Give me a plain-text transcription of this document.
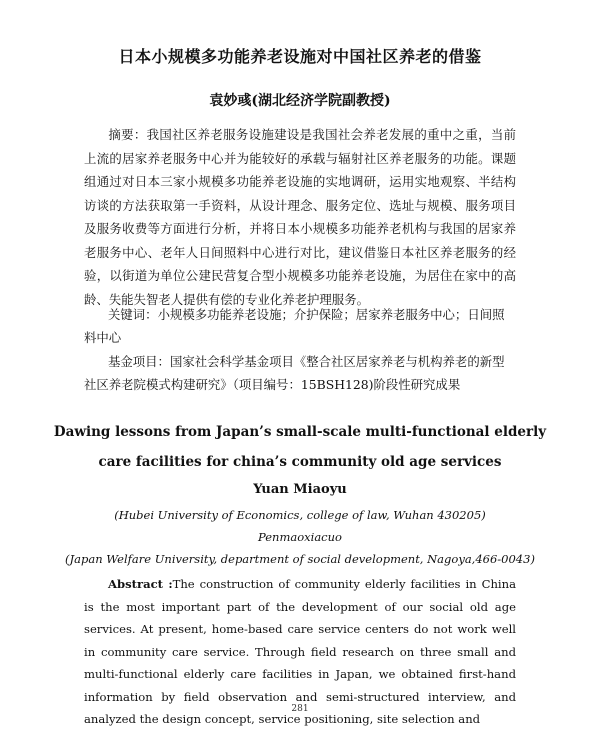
日本小规模多功能养老设施对中国社区养老的借鉴
袁妙彧(湖北经济学院副教授)
摘要：我国社区养老服务设施建设是我国社会养老发展的重中之重，当前上流的居家养老服务中心并为能较好的承载与辐射社区养老服务的功能。课题组通过对日本三家小规模多功能养老设施的实地调研，运用实地观察、半结构访谈的方法获取第一手资料，从设计理念、服务定位、选址与规模、服务项目及服务收费等方面进行分析，并将日本小规模多功能养老机构与我国的居家养老服务中心、老年人日间照料中心进行对比，建议借鉴日本社区养老服务的经验，以街道为单位公建民营复合型小规模多功能养老设施，为居住在家中的高龄、失能失智老人提供有偿的专业化养老护理服务。
关键词：小规模多功能养老设施；介护保险；居家养老服务中心；日间照料中心
基金项目：国家社会科学基金项目《整合社区居家养老与机构养老的新型社区养老院模式构建研究》（项目编号：15BSH128)阶段性研究成果
Dawing lessons from Japan’s small-scale multi-functional elderly
care facilities for china’s community old age services
Yuan Miaoyu
(Hubei University of Economics, college of law, Wuhan 430205)
Penmaoxiacuo
(Japan Welfare University, department of social development, Nagoya,466-0043)
Abstract :The construction of community elderly facilities in China is the most important part of the development of our social old age services. At present, home-based care service centers do not work well in community care service. Through field research on three small and multi-functional elderly care facilities in Japan, we obtained first-hand information by field observation and semi-structured interview, and analyzed the design concept, service positioning, site selection and
281
